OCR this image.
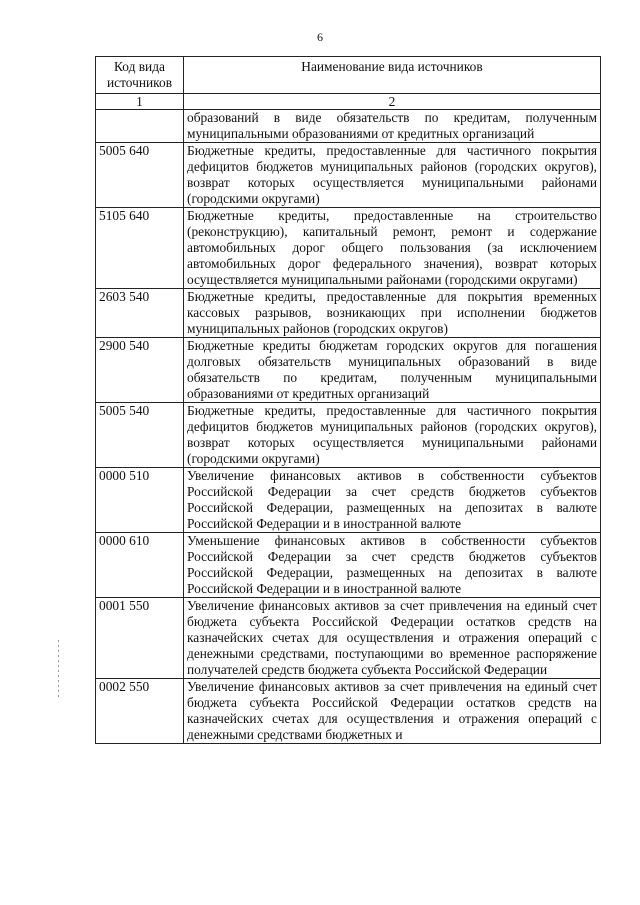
6
Код вида источников	Наименование вида источников
1	2
	образований в виде обязательств по кредитам, полученным муниципальными образованиями от кредитных организаций
5005 640	Бюджетные кредиты, предоставленные для частичного покрытия дефицитов бюджетов муниципальных районов (городских округов), возврат которых осуществляется муниципальными районами (городскими округами)
5105 640	Бюджетные кредиты, предоставленные на строительство (реконструкцию), капитальный ремонт, ремонт и содержание автомобильных дорог общего пользования (за исключением автомобильных дорог федерального значения), возврат которых осуществляется муниципальными районами (городскими округами)
2603 540	Бюджетные кредиты, предоставленные для покрытия временных кассовых разрывов, возникающих при исполнении бюджетов муниципальных районов (городских округов)
2900 540	Бюджетные кредиты бюджетам городских округов для погашения долговых обязательств муниципальных образований в виде обязательств по кредитам, полученным муниципальными образованиями от кредитных организаций
5005 540	Бюджетные кредиты, предоставленные для частичного покрытия дефицитов бюджетов муниципальных районов (городских округов), возврат которых осуществляется муниципальными районами (городскими округами)
0000 510	Увеличение финансовых активов в собственности субъектов Российской Федерации за счет средств бюджетов субъектов Российской Федерации, размещенных на депозитах в валюте Российской Федерации и в иностранной валюте
0000 610	Уменьшение финансовых активов в собственности субъектов Российской Федерации за счет средств бюджетов субъектов Российской Федерации, размещенных на депозитах в валюте Российской Федерации и в иностранной валюте
0001 550	Увеличение финансовых активов за счет привлечения на единый счет бюджета субъекта Российской Федерации остатков средств на казначейских счетах для осуществления и отражения операций с денежными средствами, поступающими во временное распоряжение получателей средств бюджета субъекта Российской Федерации
0002 550	Увеличение финансовых активов за счет привлечения на единый счет бюджета субъекта Российской Федерации остатков средств на казначейских счетах для осуществления и отражения операций с денежными средствами бюджетных и
